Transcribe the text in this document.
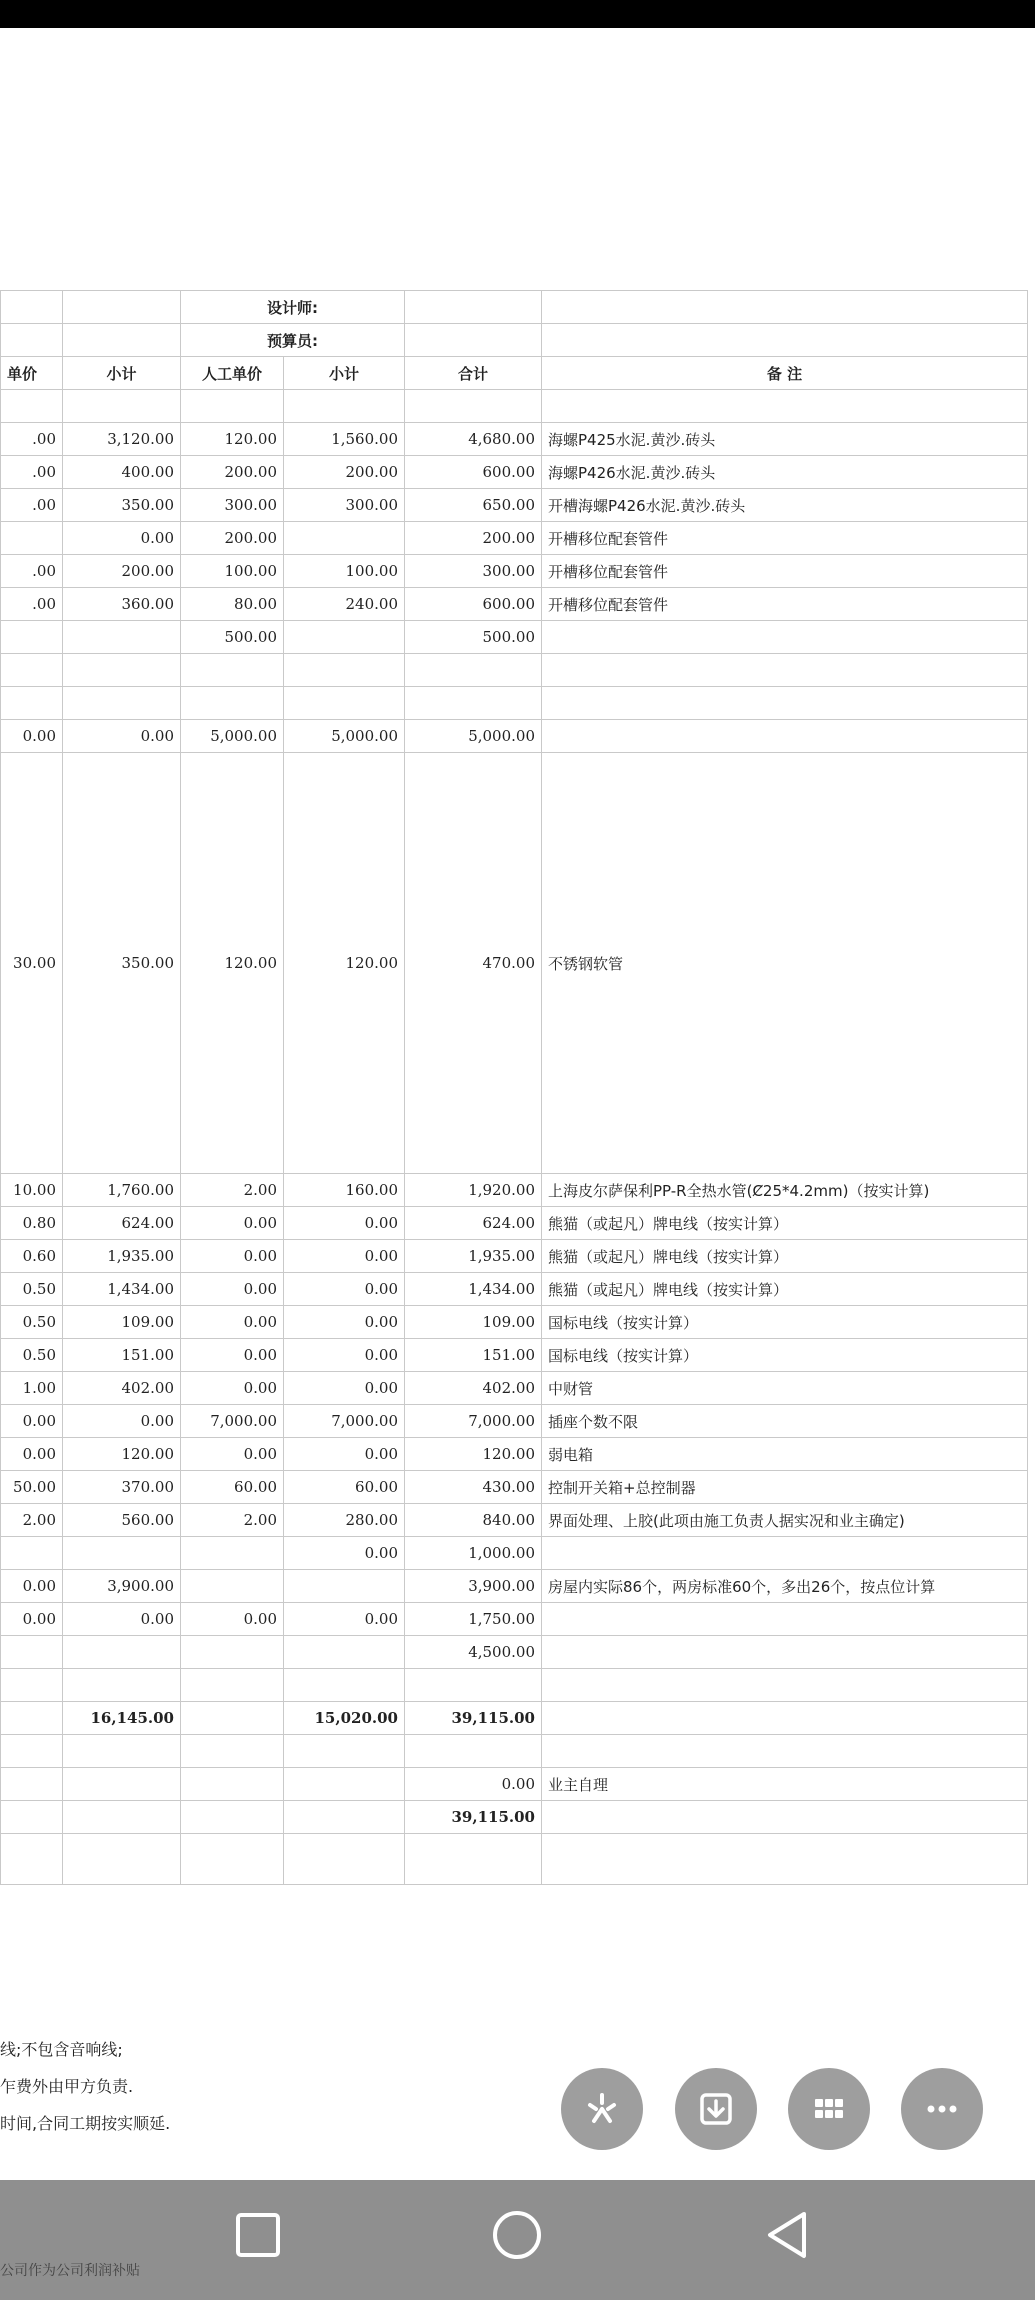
		设计师:			
		预算员:			
单价	小计	人工单价	小计	合计	备 注

.00	3,120.00	120.00	1,560.00	4,680.00	海螺P425水泥.黄沙.砖头
.00	400.00	200.00	200.00	600.00	海螺P426水泥.黄沙.砖头
.00	350.00	300.00	300.00	650.00	开槽海螺P426水泥.黄沙.砖头
	0.00	200.00		200.00	开槽移位配套管件
.00	200.00	100.00	100.00	300.00	开槽移位配套管件
.00	360.00	80.00	240.00	600.00	开槽移位配套管件
		500.00		500.00	

0.00	0.00	5,000.00	5,000.00	5,000.00	
30.00	350.00	120.00	120.00	470.00	不锈钢软管
10.00	1,760.00	2.00	160.00	1,920.00	上海皮尔萨保利PP-R全热水管(Ȼ25*4.2mm)（按实计算)
0.80	624.00	0.00	0.00	624.00	熊猫（或起凡）牌电线（按实计算）
0.60	1,935.00	0.00	0.00	1,935.00	熊猫（或起凡）牌电线（按实计算）
0.50	1,434.00	0.00	0.00	1,434.00	熊猫（或起凡）牌电线（按实计算）
0.50	109.00	0.00	0.00	109.00	国标电线（按实计算）
0.50	151.00	0.00	0.00	151.00	国标电线（按实计算）
1.00	402.00	0.00	0.00	402.00	中财管
0.00	0.00	7,000.00	7,000.00	7,000.00	插座个数不限
0.00	120.00	0.00	0.00	120.00	弱电箱
50.00	370.00	60.00	60.00	430.00	控制开关箱+总控制器
2.00	560.00	2.00	280.00	840.00	界面处理、上胶(此项由施工负责人据实况和业主确定)
			0.00	1,000.00	
0.00	3,900.00			3,900.00	房屋内实际86个，两房标准60个，多出26个，按点位计算
0.00	0.00	0.00	0.00	1,750.00	
				4,500.00	

	16,145.00		15,020.00	39,115.00	

				0.00	业主自理
				39,115.00	

线;不包含音响线;
乍费外由甲方负责.
时间,合同工期按实顺延.
公司作为公司利润补贴
